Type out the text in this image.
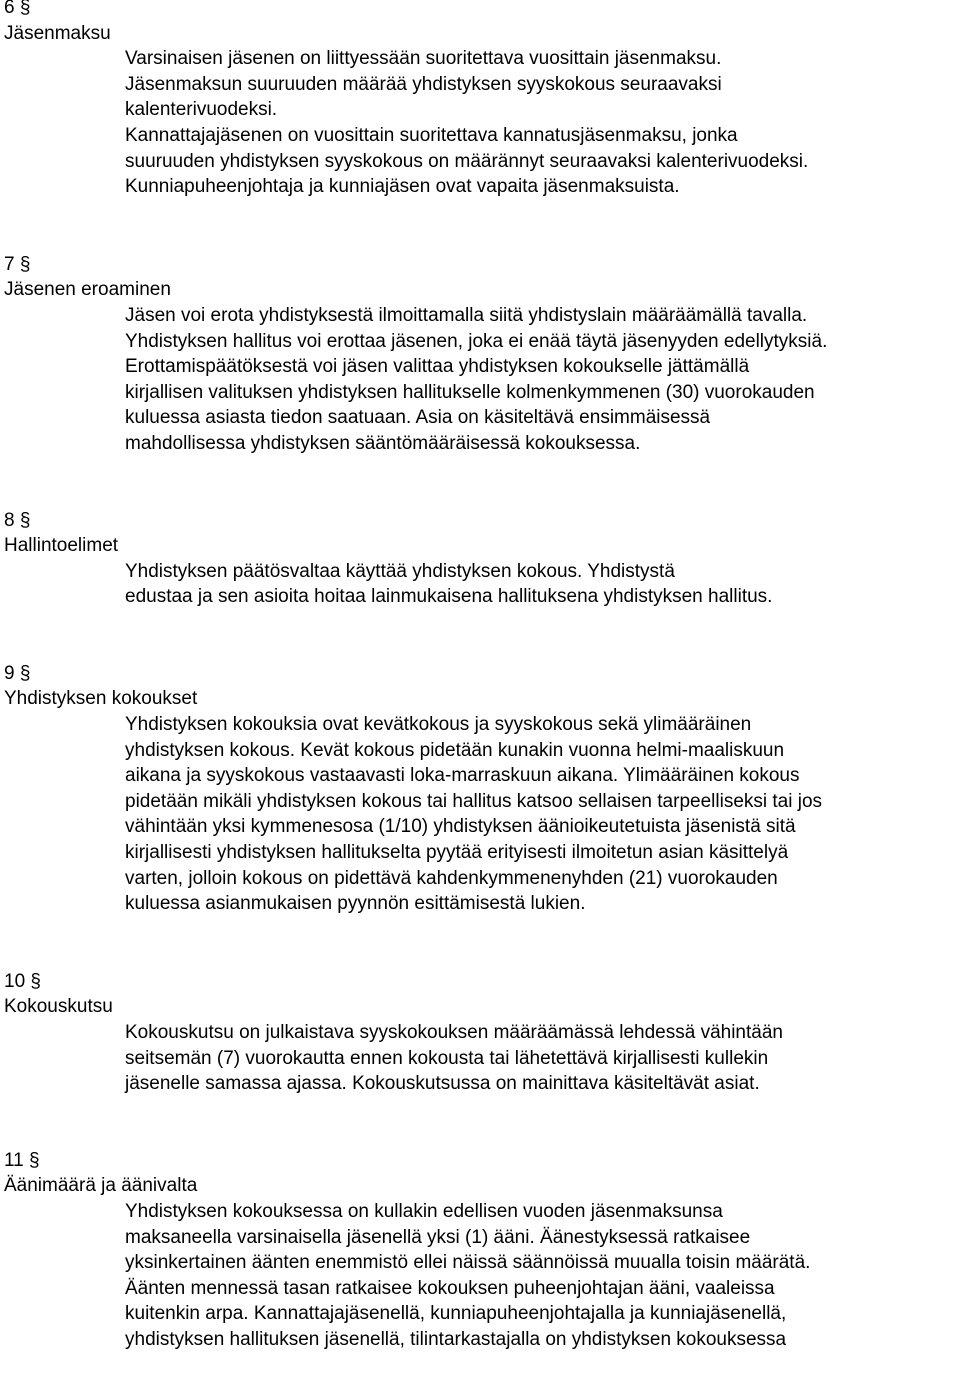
6 §
Jäsenmaksu
Varsinaisen jäsenen on liittyessään suoritettava vuosittain jäsenmaksu.
Jäsenmaksun suuruuden määrää yhdistyksen syyskokous seuraavaksi
kalenterivuodeksi.
Kannattajajäsenen on vuosittain suoritettava kannatusjäsenmaksu, jonka
suuruuden yhdistyksen syyskokous on määrännyt seuraavaksi kalenterivuodeksi.
Kunniapuheenjohtaja ja kunniajäsen ovat vapaita jäsenmaksuista.
7 §
Jäsenen eroaminen
Jäsen voi erota yhdistyksestä ilmoittamalla siitä yhdistyslain määräämällä tavalla.
Yhdistyksen hallitus voi erottaa jäsenen, joka ei enää täytä jäsenyyden edellytyksiä.
Erottamispäätöksestä voi jäsen valittaa yhdistyksen kokoukselle jättämällä
kirjallisen valituksen yhdistyksen hallitukselle kolmenkymmenen (30) vuorokauden
kuluessa asiasta tiedon saatuaan. Asia on käsiteltävä ensimmäisessä
mahdollisessa yhdistyksen sääntömääräisessä kokouksessa.
8 §
Hallintoelimet
Yhdistyksen päätösvaltaa käyttää yhdistyksen kokous. Yhdistystä
edustaa ja sen asioita hoitaa lainmukaisena hallituksena yhdistyksen hallitus.
9 §
Yhdistyksen kokoukset
Yhdistyksen kokouksia ovat kevätkokous ja syyskokous sekä ylimääräinen
yhdistyksen kokous. Kevät kokous pidetään kunakin vuonna helmi-maaliskuun
aikana ja syyskokous vastaavasti loka-marraskuun aikana. Ylimääräinen kokous
pidetään mikäli yhdistyksen kokous tai hallitus katsoo sellaisen tarpeelliseksi tai jos
vähintään yksi kymmenesosa (1/10) yhdistyksen äänioikeutetuista jäsenistä sitä
kirjallisesti yhdistyksen hallitukselta pyytää erityisesti ilmoitetun asian käsittelyä
varten, jolloin kokous on pidettävä kahdenkymmenenyhden (21) vuorokauden
kuluessa asianmukaisen pyynnön esittämisestä lukien.
10 §
Kokouskutsu
Kokouskutsu on julkaistava syyskokouksen määräämässä lehdessä vähintään
seitsemän (7) vuorokautta ennen kokousta tai lähetettävä kirjallisesti kullekin
jäsenelle samassa ajassa. Kokouskutsussa on mainittava käsiteltävät asiat.
11 §
Äänimäärä ja äänivalta
Yhdistyksen kokouksessa on kullakin edellisen vuoden jäsenmaksunsa
maksaneella varsinaisella jäsenellä yksi (1) ääni. Äänestyksessä ratkaisee
yksinkertainen äänten enemmistö ellei näissä säännöissä muualla toisin määrätä.
Äänten mennessä tasan ratkaisee kokouksen puheenjohtajan ääni, vaaleissa
kuitenkin arpa. Kannattajajäsenellä, kunniapuheenjohtajalla ja kunniajäsenellä,
yhdistyksen hallituksen jäsenellä, tilintarkastajalla on yhdistyksen kokouksessa
